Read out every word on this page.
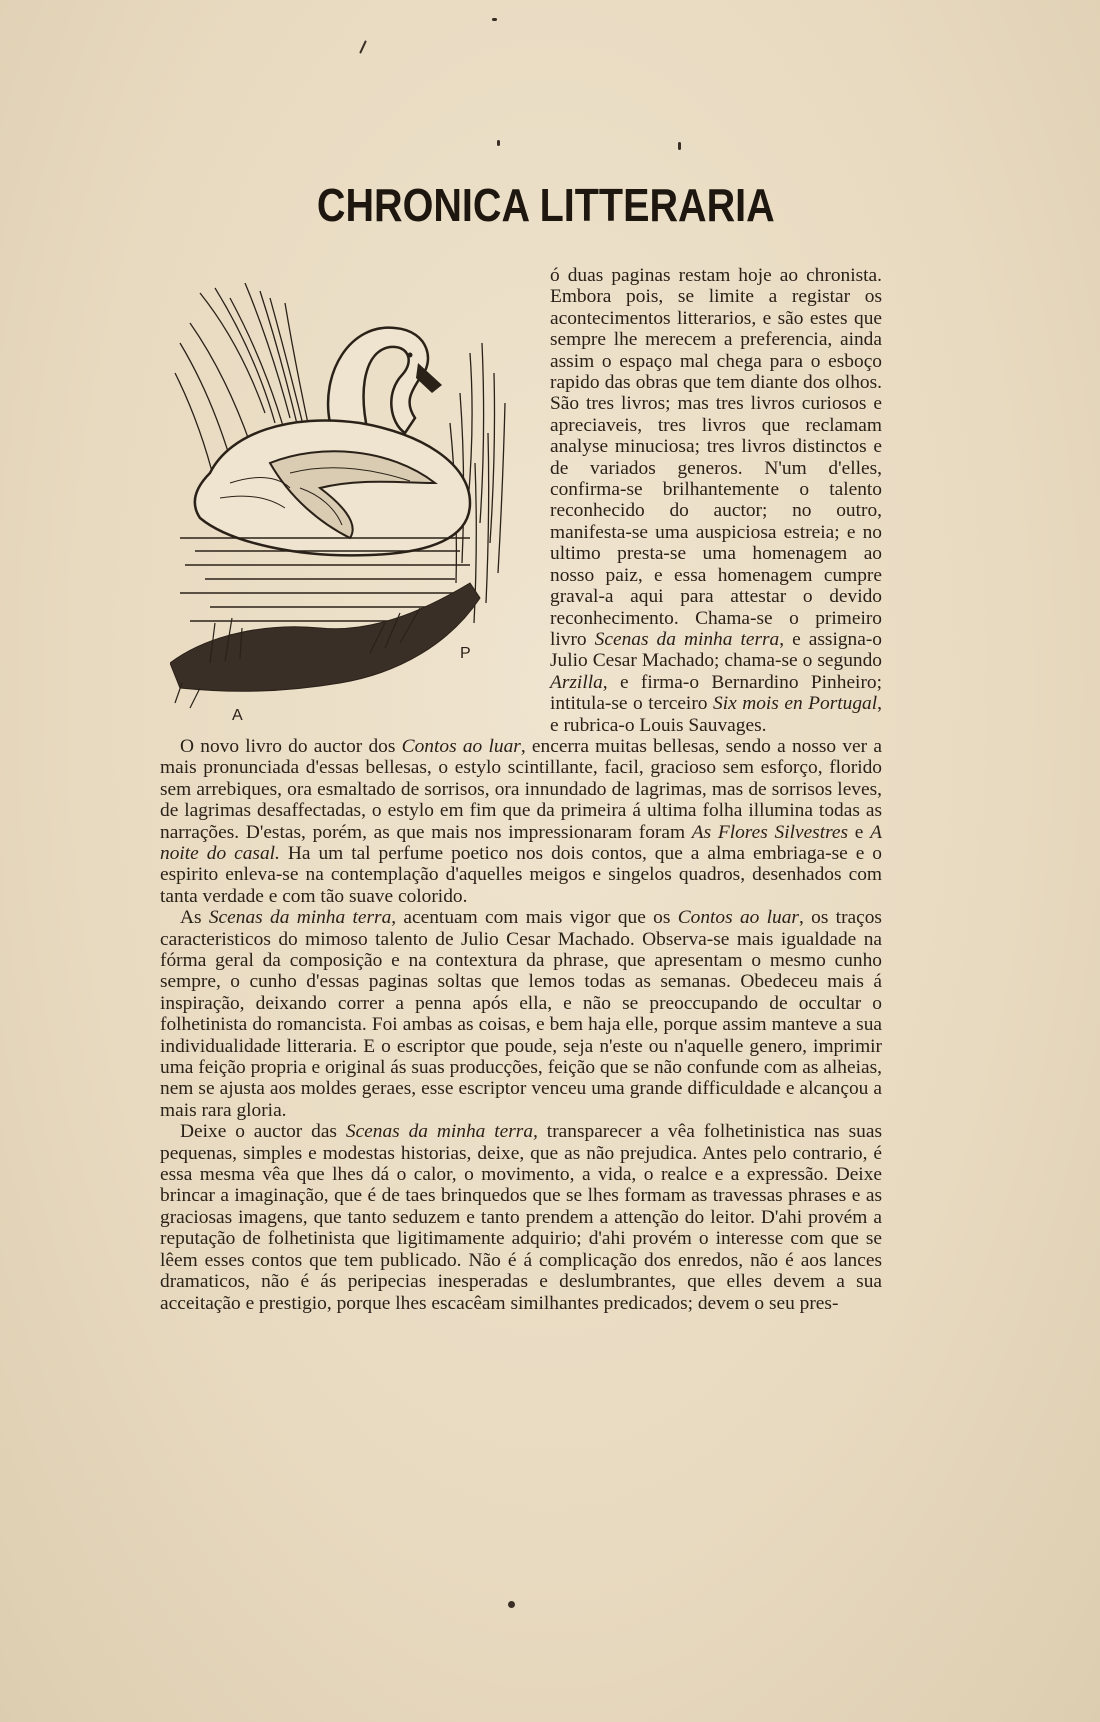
CHRONICA LITTERARIA
A
P

ó duas paginas restam hoje ao chronista. Embora pois, se limite a registar os acontecimentos litterarios, e são estes que sempre lhe merecem a preferencia, ainda assim o espaço mal chega para o esboço rapido das obras que tem diante dos olhos. São tres livros; mas tres livros curiosos e apreciaveis, tres livros que reclamam analyse minuciosa; tres livros distinctos e de variados generos. N'um d'elles, confirma-se brilhantemente o talento reconhecido do auctor; no outro, manifesta-se uma auspiciosa estreia; e no ultimo presta-se uma homenagem ao nosso paiz, e essa homenagem cumpre graval-a aqui para attestar o devido reconhecimento. Chama-se o primeiro livro Scenas da minha terra, e assigna-o Julio Cesar Machado; chama-se o segundo Arzilla, e firma-o Bernardino Pinheiro; intitula-se o terceiro Six mois en Portugal, e rubrica-o Louis Sauvages.

O novo livro do auctor dos Contos ao luar, encerra muitas bellesas, sendo a nosso ver a mais pronunciada d'essas bellesas, o estylo scintillante, facil, gracioso sem esforço, florido sem arrebiques, ora esmaltado de sorrisos, ora innundado de lagrimas, mas de sorrisos leves, de lagrimas desaffectadas, o estylo em fim que da primeira á ultima folha illumina todas as narrações. D'estas, porém, as que mais nos impressionaram foram As Flores Silvestres e A noite do casal. Ha um tal perfume poetico nos dois contos, que a alma embriaga-se e o espirito enleva-se na contemplação d'aquelles meigos e singelos quadros, desenhados com tanta verdade e com tão suave colorido.

As Scenas da minha terra, acentuam com mais vigor que os Contos ao luar, os traços caracteristicos do mimoso talento de Julio Cesar Machado. Observa-se mais igualdade na fórma geral da composição e na contextura da phrase, que apresentam o mesmo cunho sempre, o cunho d'essas paginas soltas que lemos todas as semanas. Obedeceu mais á inspiração, deixando correr a penna após ella, e não se preoccupando de occultar o folhetinista do romancista. Foi ambas as coisas, e bem haja elle, porque assim manteve a sua individualidade litteraria. E o escriptor que poude, seja n'este ou n'aquelle genero, imprimir uma feição propria e original ás suas producções, feição que se não confunde com as alheias, nem se ajusta aos moldes geraes, esse escriptor venceu uma grande difficuldade e alcançou a mais rara gloria.

Deixe o auctor das Scenas da minha terra, transparecer a vêa folhetinistica nas suas pequenas, simples e modestas historias, deixe, que as não prejudica. Antes pelo contrario, é essa mesma vêa que lhes dá o calor, o movimento, a vida, o realce e a expressão. Deixe brincar a imaginação, que é de taes brinquedos que se lhes formam as travessas phrases e as graciosas imagens, que tanto seduzem e tanto prendem a attenção do leitor. D'ahi provém a reputação de folhetinista que ligitimamente adquirio; d'ahi provém o interesse com que se lêem esses contos que tem publicado. Não é á complicação dos enredos, não é aos lances dramaticos, não é ás peripecias inesperadas e deslumbrantes, que elles devem a sua acceitação e prestigio, porque lhes escacêam similhantes predicados; devem o seu pres-
